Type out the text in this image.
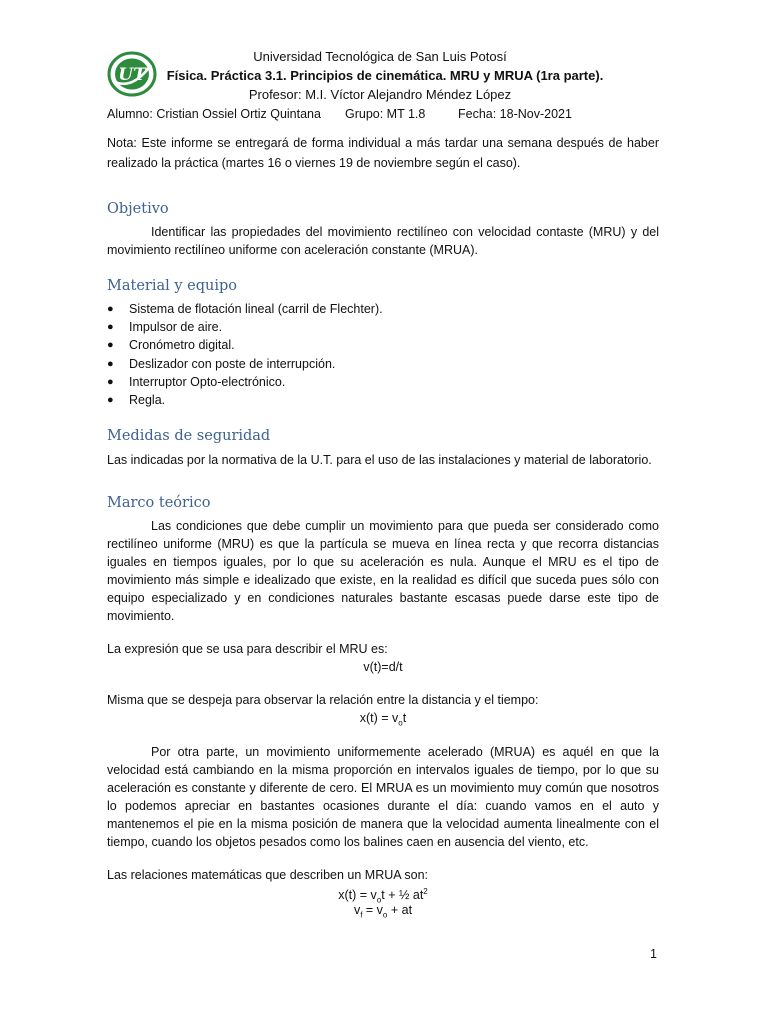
UT
Universidad Tecnológica de San Luis Potosí
Física. Práctica 3.1. Principios de cinemática. MRU y MRUA (1ra parte).
Profesor: M.I. Víctor Alejandro Méndez López
Alumno: Cristian Ossiel Ortiz Quintana Grupo: MT 1.8	Fecha: 18-Nov-2021
Nota: Este informe se entregará de forma individual a más tardar una semana después de haber realizado la práctica (martes 16 o viernes 19 de noviembre según el caso).
Objetivo
Identificar las propiedades del movimiento rectilíneo con velocidad contaste (MRU) y del movimiento rectilíneo uniforme con aceleración constante (MRUA).
Material y equipo
● Sistema de flotación lineal (carril de Flechter).
● Impulsor de aire.
● Cronómetro digital.
● Deslizador con poste de interrupción.
● Interruptor Opto-electrónico.
● Regla.
Medidas de seguridad
Las indicadas por la normativa de la U.T. para el uso de las instalaciones y material de laboratorio.
Marco teórico
Las condiciones que debe cumplir un movimiento para que pueda ser considerado como rectilíneo uniforme (MRU) es que la partícula se mueva en línea recta y que recorra distancias iguales en tiempos iguales, por lo que su aceleración es nula. Aunque el MRU es el tipo de movimiento más simple e idealizado que existe, en la realidad es difícil que suceda pues sólo con equipo especializado y en condiciones naturales bastante escasas puede darse este tipo de movimiento.
La expresión que se usa para describir el MRU es:
v(t)=d/t
Misma que se despeja para observar la relación entre la distancia y el tiempo:
$x(t) = v_ot$
Por otra parte, un movimiento uniformemente acelerado (MRUA) es aquél en que la velocidad está cambiando en la misma proporción en intervalos iguales de tiempo, por lo que su aceleración es constante y diferente de cero. El MRUA es un movimiento muy común que nosotros lo podemos apreciar en bastantes ocasiones durante el día: cuando vamos en el auto y mantenemos el pie en la misma posición de manera que la velocidad aumenta linealmente con el tiempo, cuando los objetos pesados como los balines caen en ausencia del viento, etc.
Las relaciones matemáticas que describen un MRUA son:
$x(t) = v_ot$ + ½ $at^2$
$v_f = v_o$ + at
1
